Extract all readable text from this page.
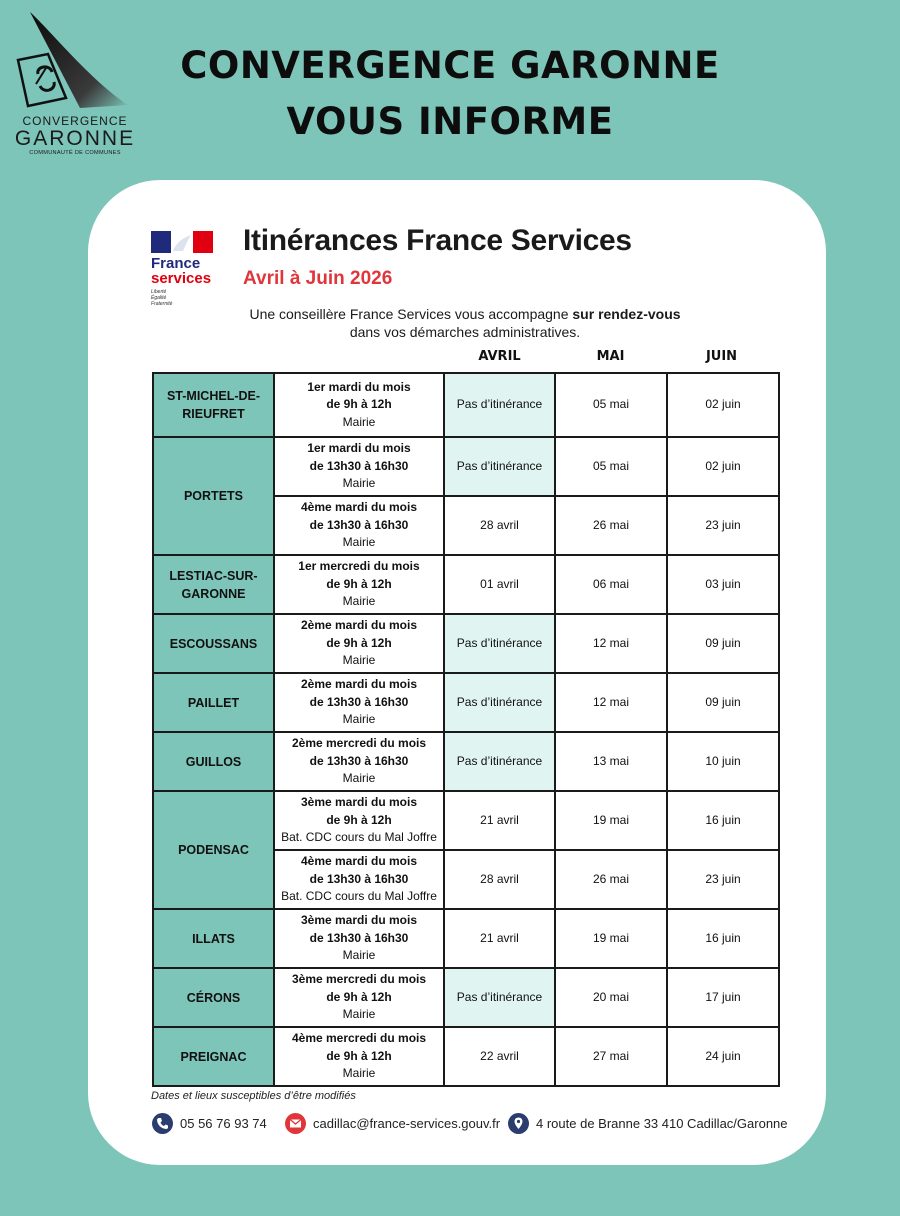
CONVERGENCE
GARONNE
COMMUNAUTÉ DE COMMUNES
CONVERGENCE GARONNE
VOUS INFORME
France
services
Liberté
Égalité
Fraternité
Itinérances France Services
Avril à Juin 2026
Une conseillère France Services vous accompagne sur rendez-vous
dans vos démarches administratives.
AVRIL	MAI	JUIN
ST-MICHEL-DE-RIEUFRET	1er mardi du mois
de 9h à 12h
Mairie	Pas d’itinérance	05 mai	02 juin
PORTETS	1er mardi du mois
de 13h30 à 16h30
Mairie	Pas d’itinérance	05 mai	02 juin

	4ème mardi du mois
de 13h30 à 16h30
Mairie	28 avril	26 mai	23 juin
LESTIAC-SUR-GARONNE	1er mercredi du mois
de 9h à 12h
Mairie	01 avril	06 mai	03 juin
ESCOUSSANS	2ème mardi du mois
de 9h à 12h
Mairie	Pas d’itinérance	12 mai	09 juin
PAILLET	2ème mardi du mois
de 13h30 à 16h30
Mairie	Pas d’itinérance	12 mai	09 juin
GUILLOS	2ème mercredi du mois
de 13h30 à 16h30
Mairie	Pas d’itinérance	13 mai	10 juin
PODENSAC	3ème mardi du mois
de 9h à 12h
Bat. CDC cours du Mal Joffre	21 avril	19 mai	16 juin

	4ème mardi du mois
de 13h30 à 16h30
Bat. CDC cours du Mal Joffre	28 avril	26 mai	23 juin
ILLATS	3ème mardi du mois
de 13h30 à 16h30
Mairie	21 avril	19 mai	16 juin
CÉRONS	3ème mercredi du mois
de 9h à 12h
Mairie	Pas d’itinérance	20 mai	17 juin
PREIGNAC	4ème mercredi du mois
de 9h à 12h
Mairie	22 avril	27 mai	24 juin
Dates et lieux susceptibles d’être modifiés
05 56 76 93 74	cadillac@france-services.gouv.fr	4 route de Branne 33 410 Cadillac/Garonne
